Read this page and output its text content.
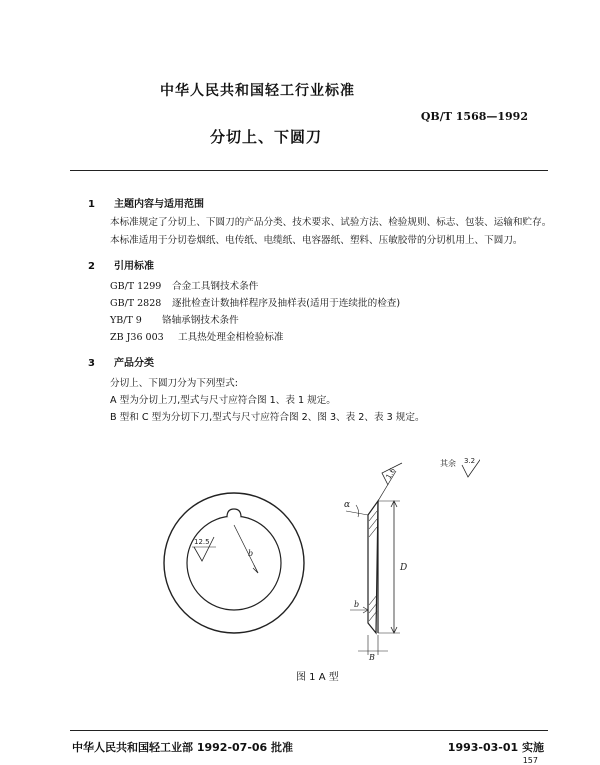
中华人民共和国轻工行业标准
QB/T 1568—1992
分切上、下圆刀
1 主题内容与适用范围
本标准规定了分切上、下圆刀的产品分类、技术要求、试验方法、检验规则、标志、包装、运输和贮存。
本标准适用于分切卷烟纸、电传纸、电缆纸、电容器纸、塑料、压敏胶带的分切机用上、下圆刀。
2 引用标准
GB/T 1299 合金工具钢技术条件
GB/T 2828 逐批检查计数抽样程序及抽样表(适用于连续批的检查)
YB/T 9 铬轴承钢技术条件
ZB J36 003 工具热处理金相检验标准
3 产品分类
分切上、下圆刀分为下列型式:
A 型为分切上刀,型式与尺寸应符合图 1、表 1 规定。
B 型和 C 型为分切下刀,型式与尺寸应符合图 2、图 3、表 2、表 3 规定。
12.5
b
1.6
α
D
b
B
其余 3.2
图 1 A 型
中华人民共和国轻工业部 1992-07-06 批准	1993-03-01 实施
157
